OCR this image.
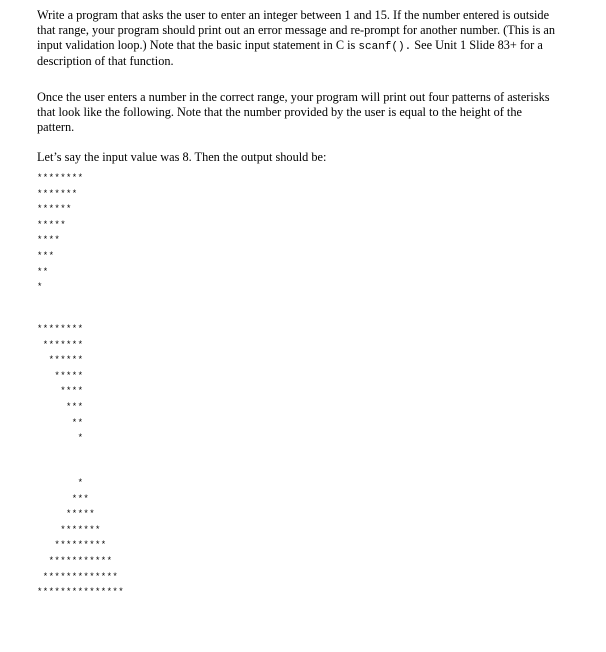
Write a program that asks the user to enter an integer between 1 and 15. If the number entered is outside that range, your program should print out an error message and re-prompt for another number. (This is an input validation loop.) Note that the basic input statement in C is scanf(). See Unit 1 Slide 83+ for a description of that function.

Once the user enters a number in the correct range, your program will print out four patterns of asterisks that look like the following. Note that the number provided by the user is equal to the height of the pattern.

Let’s say the input value was 8. Then the output should be:

********
*******
******
*****
****
***
**
*
********
*******
******
*****
****
***
**
*
*
***
*****
*******
*********
***********
*************
***************
